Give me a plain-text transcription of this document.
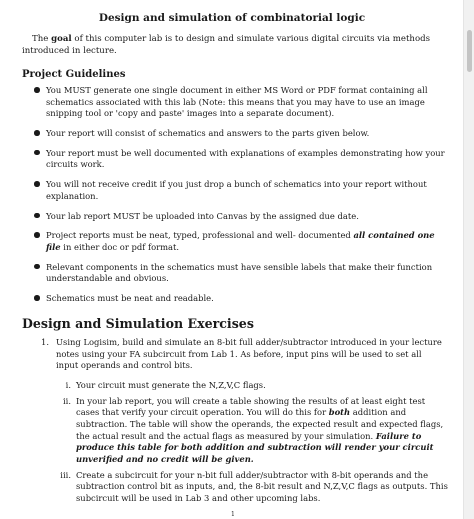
Design and simulation of combinatorial logic

The goal of this computer lab is to design and simulate various digital circuits via methods introduced in lecture.

Project Guidelines
You MUST generate one single document in either MS Word or PDF format containing all schematics associated with this lab (Note: this means that you may have to use an image snipping tool or 'copy and paste' images into a separate document).
Your report will consist of schematics and answers to the parts given below.
Your report must be well documented with explanations of examples demonstrating how your circuits work.
You will not receive credit if you just drop a bunch of schematics into your report without explanation.
Your lab report MUST be uploaded into Canvas by the assigned due date.
Project reports must be neat, typed, professional and well- documented all contained one file in either doc or pdf format.
Relevant components in the schematics must have sensible labels that make their function understandable and obvious.
Schematics must be neat and readable.
Design and Simulation Exercises
1. Using Logisim, build and simulate an 8-bit full adder/subtractor introduced in your lecture notes using your FA subcircuit from Lab 1. As before, input pins will be used to set all input operands and control bits.
i. Your circuit must generate the N,Z,V,C flags.
ii. In your lab report, you will create a table showing the results of at least eight test cases that verify your circuit operation. You will do this for both addition and subtraction. The table will show the operands, the expected result and expected flags, the actual result and the actual flags as measured by your simulation. Failure to produce this table for both addition and subtraction will render your circuit unverified and no credit will be given.
iii. Create a subcircuit for your n-bit full adder/subtractor with 8-bit operands and the subtraction control bit as inputs, and, the 8-bit result and N,Z,V,C flags as outputs. This subcircuit will be used in Lab 3 and other upcoming labs.
1
